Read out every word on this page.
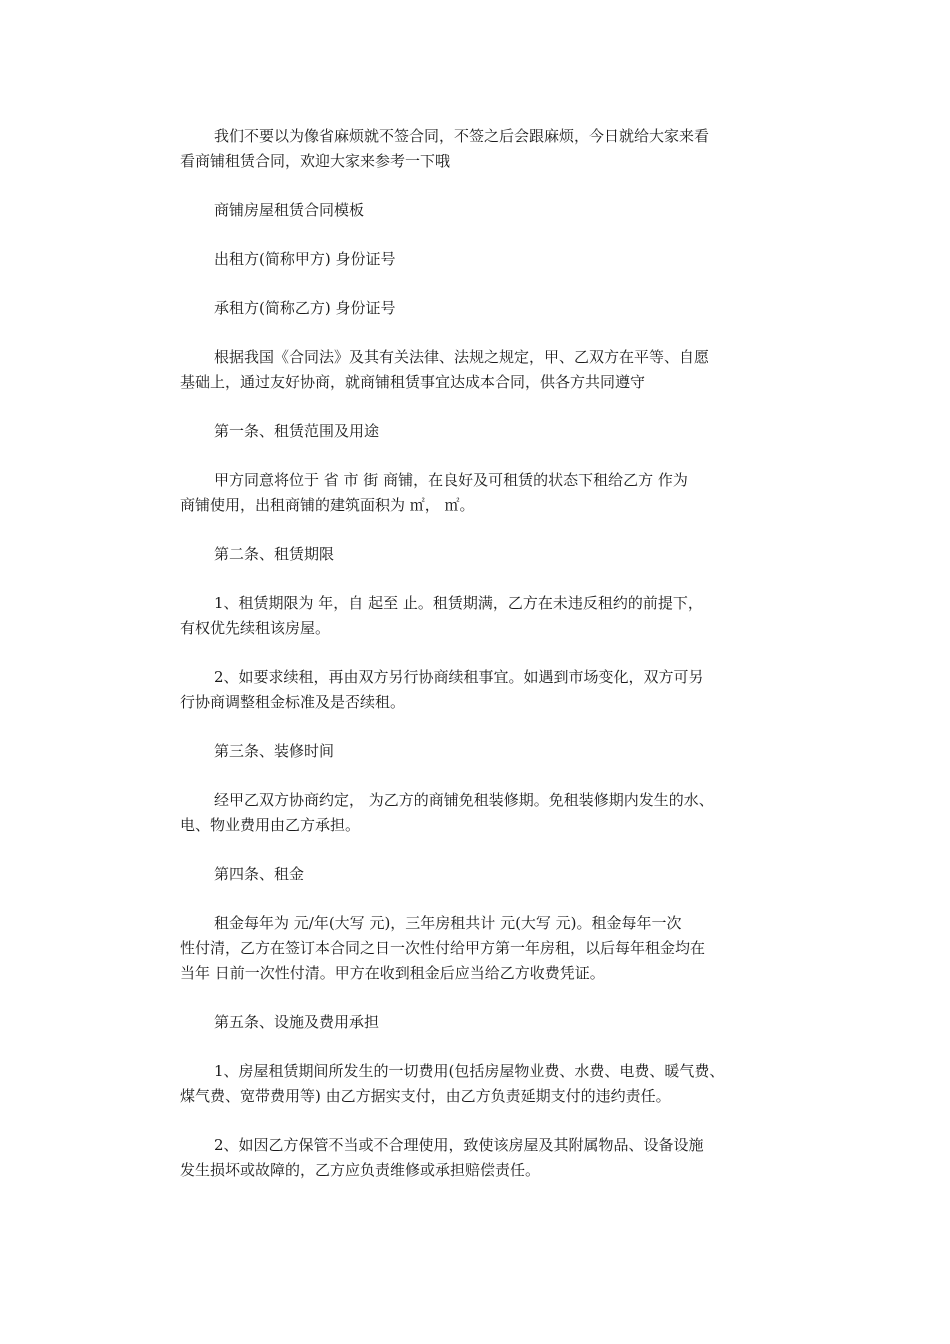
我们不要以为像省麻烦就不签合同，不签之后会跟麻烦，今日就给大家来看
看商铺租赁合同，欢迎大家来参考一下哦

商铺房屋租赁合同模板

出租方(简称甲方) 身份证号

承租方(简称乙方) 身份证号

根据我国《合同法》及其有关法律、法规之规定，甲、乙双方在平等、自愿
基础上，通过友好协商，就商铺租赁事宜达成本合同，供各方共同遵守

第一条、租赁范围及用途

甲方同意将位于 省 市 街 商铺，在良好及可租赁的状态下租给乙方 作为
商铺使用，出租商铺的建筑面积为 ㎡， ㎡。

第二条、租赁期限

1、租赁期限为 年，自 起至 止。租赁期满，乙方在未违反租约的前提下，
有权优先续租该房屋。

2、如要求续租，再由双方另行协商续租事宜。如遇到市场变化，双方可另
行协商调整租金标准及是否续租。

第三条、装修时间

经甲乙双方协商约定， 为乙方的商铺免租装修期。免租装修期内发生的水、
电、物业费用由乙方承担。

第四条、租金

租金每年为 元/年(大写 元)，三年房租共计 元(大写 元)。租金每年一次
性付清，乙方在签订本合同之日一次性付给甲方第一年房租，以后每年租金均在
当年 日前一次性付清。甲方在收到租金后应当给乙方收费凭证。

第五条、设施及费用承担

1、房屋租赁期间所发生的一切费用(包括房屋物业费、水费、电费、暖气费、
煤气费、宽带费用等) 由乙方据实支付，由乙方负责延期支付的违约责任。

2、如因乙方保管不当或不合理使用，致使该房屋及其附属物品、设备设施
发生损坏或故障的，乙方应负责维修或承担赔偿责任。
